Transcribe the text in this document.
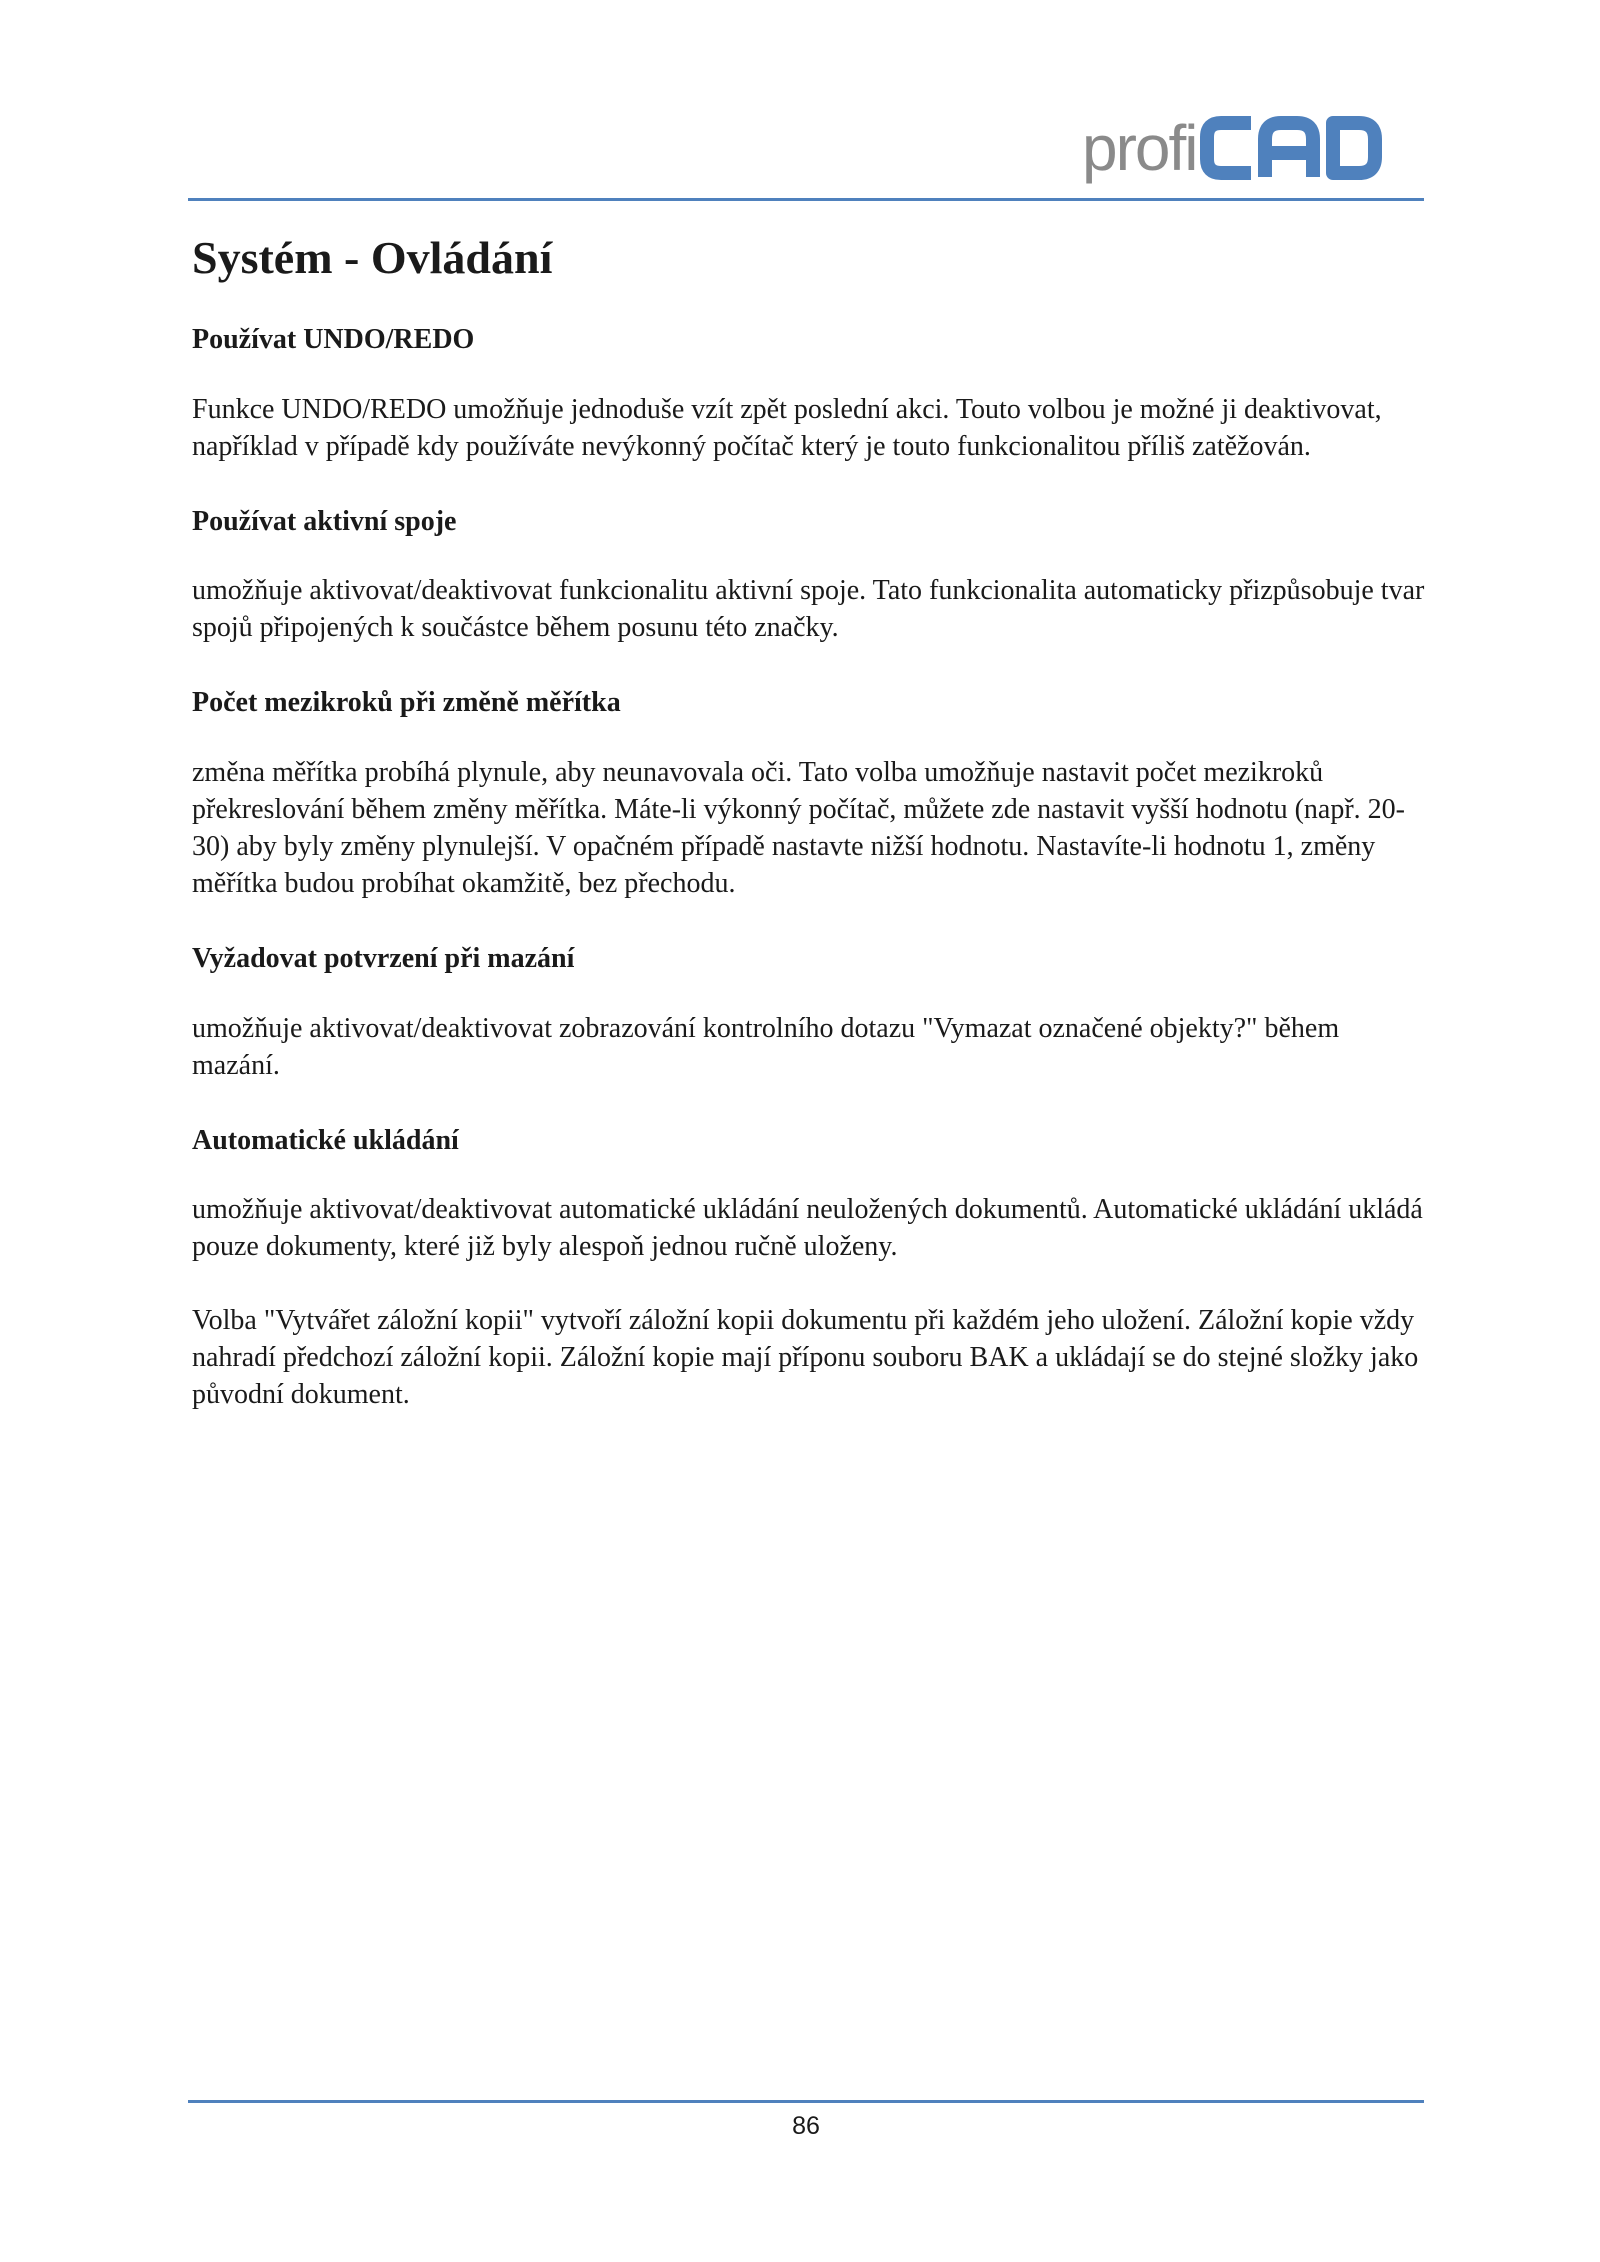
profi
Systém - Ovládání
Používat UNDO/REDO

Funkce UNDO/REDO umožňuje jednoduše vzít zpět poslední akci. Touto volbou je možné ji deaktivovat, například v případě kdy používáte nevýkonný počítač který je touto funkcionalitou příliš zatěžován.

Používat aktivní spoje

umožňuje aktivovat/deaktivovat funkcionalitu aktivní spoje. Tato funkcionalita automaticky přizpůsobuje tvar spojů připojených k součástce během posunu této značky.

Počet mezikroků při změně měřítka

změna měřítka probíhá plynule, aby neunavovala oči. Tato volba umožňuje nastavit počet mezikroků překreslování během změny měřítka. Máte-li výkonný počítač, můžete zde nastavit vyšší hodnotu (např. 20-30) aby byly změny plynulejší. V opačném případě nastavte nižší hodnotu. Nastavíte-li hodnotu 1, změny měřítka budou probíhat okamžitě, bez přechodu.

Vyžadovat potvrzení při mazání

umožňuje aktivovat/deaktivovat zobrazování kontrolního dotazu "Vymazat označené objekty?" během mazání.

Automatické ukládání

umožňuje aktivovat/deaktivovat automatické ukládání neuložených dokumentů. Automatické ukládání ukládá pouze dokumenty, které již byly alespoň jednou ručně uloženy.

Volba "Vytvářet záložní kopii" vytvoří záložní kopii dokumentu při každém jeho uložení. Záložní kopie vždy nahradí předchozí záložní kopii. Záložní kopie mají příponu souboru BAK a ukládají se do stejné složky jako původní dokument.

86
